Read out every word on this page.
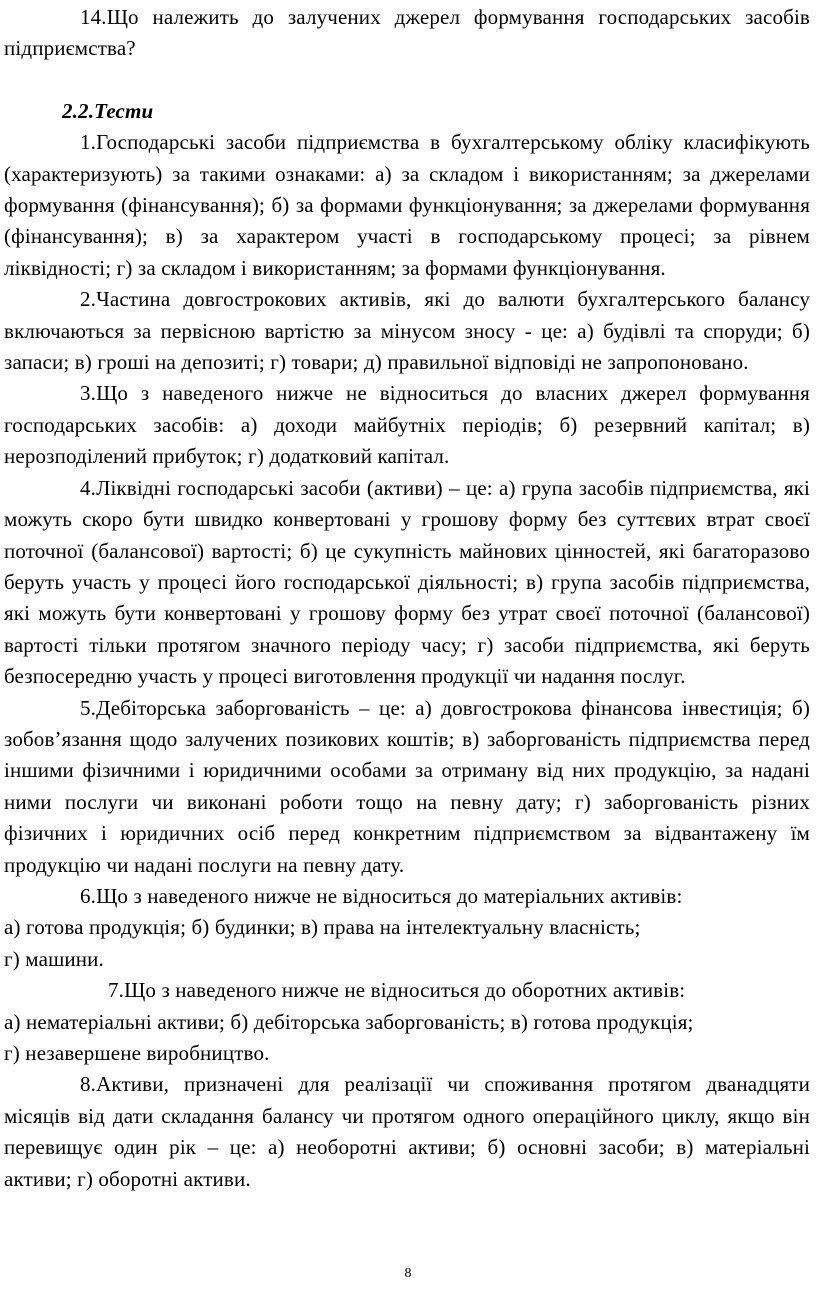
14.Що належить до залучених джерел формування господарських засобів підприємства?

2.2.Тести

1.Господарські засоби підприємства в бухгалтерському обліку класифікують (характеризують) за такими ознаками: а) за складом і використанням; за джерелами формування (фінансування); б) за формами функціонування; за джерелами формування (фінансування); в) за характером участі в господарському процесі; за рівнем ліквідності; г) за складом і використанням; за формами функціонування.

2.Частина довгострокових активів, які до валюти бухгалтерського балансу включаються за первісною вартістю за мінусом зносу - це: а) будівлі та споруди; б) запаси; в) гроші на депозиті; г) товари; д) правильної відповіді не запропоновано.

3.Що з наведеного нижче не відноситься до власних джерел формування господарських засобів: а) доходи майбутніх періодів; б) резервний капітал; в) нерозподілений прибуток; г) додатковий капітал.

4.Ліквідні господарські засоби (активи) – це: а) група засобів підприємства, які можуть скоро бути швидко конвертовані у грошову форму без суттєвих втрат своєї поточної (балансової) вартості; б) це сукупність майнових цінностей, які багаторазово беруть участь у процесі його господарської діяльності; в) група засобів підприємства, які можуть бути конвертовані у грошову форму без утрат своєї поточної (балансової) вартості тільки протягом значного періоду часу; г) засоби підприємства, які беруть безпосередню участь у процесі виготовлення продукції чи надання послуг.

5.Дебіторська заборгованість – це: а) довгострокова фінансова інвестиція; б) зобов’язання щодо залучених позикових коштів; в) заборгованість підприємства перед іншими фізичними і юридичними особами за отриману від них продукцію, за надані ними послуги чи виконані роботи тощо на певну дату; г) заборгованість різних фізичних і юридичних осіб перед конкретним підприємством за відвантажену їм продукцію чи надані послуги на певну дату.

6.Що з наведеного нижче не відноситься до матеріальних активів:

а) готова продукція; б) будинки; в) права на інтелектуальну власність;

г) машини.

7.Що з наведеного нижче не відноситься до оборотних активів:

а) нематеріальні активи; б) дебіторська заборгованість; в) готова продукція;

г) незавершене виробництво.

8.Активи, призначені для реалізації чи споживання протягом дванадцяти місяців від дати складання балансу чи протягом одного операційного циклу, якщо він перевищує один рік – це: а) необоротні активи; б) основні засоби; в) матеріальні активи; г) оборотні активи.

8
